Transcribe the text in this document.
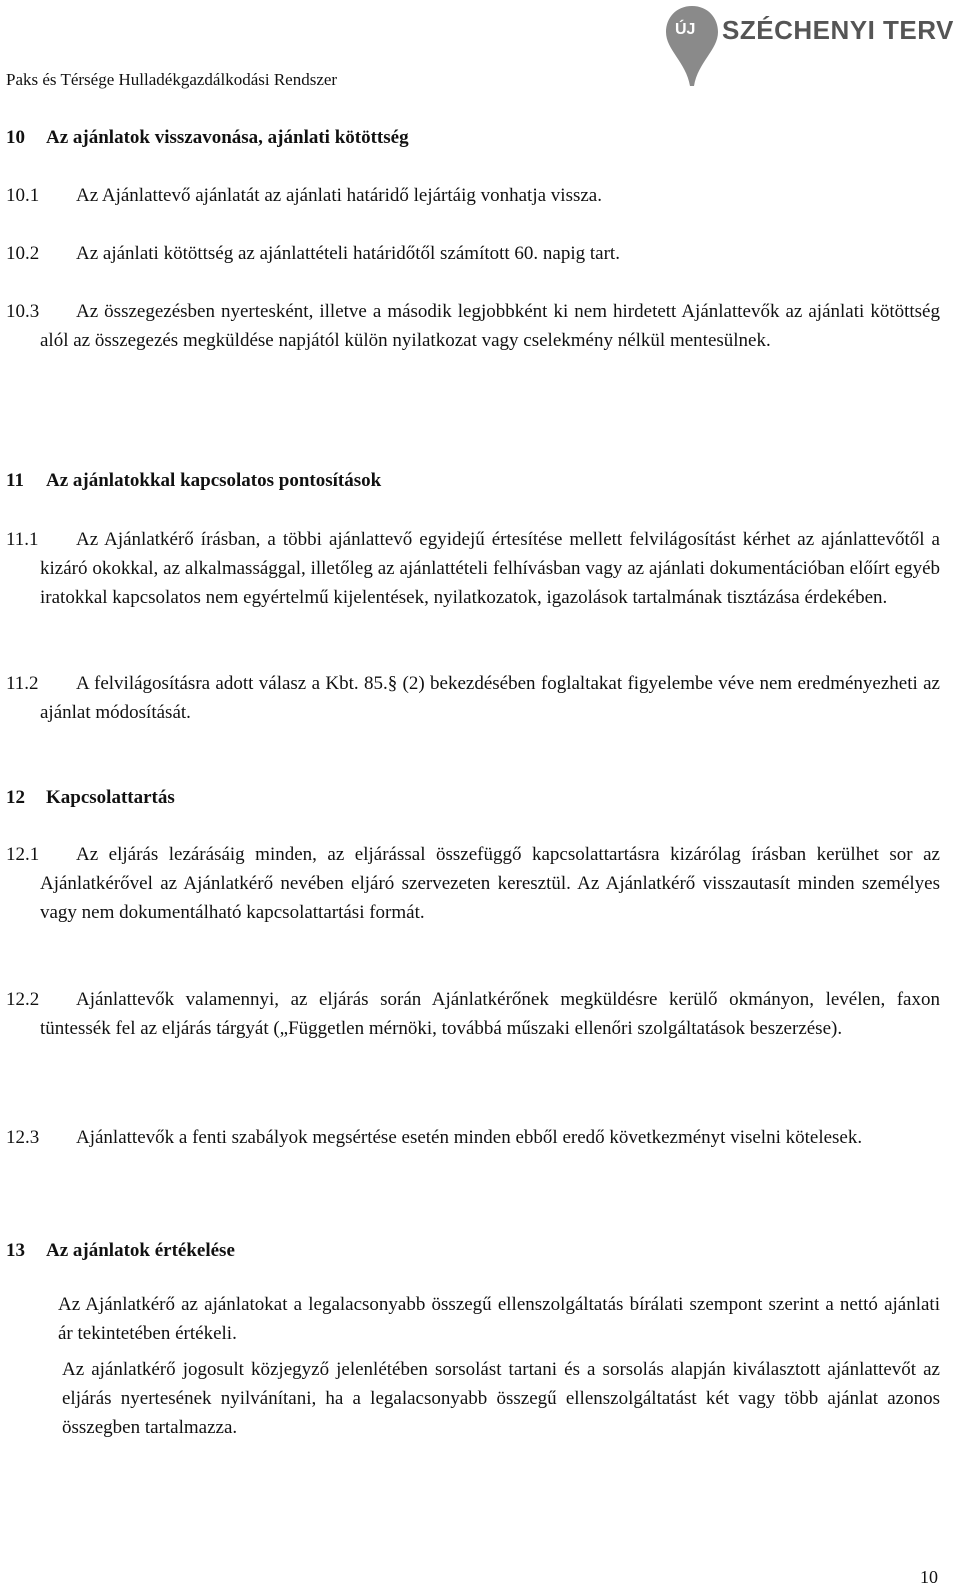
Paks és Térsége Hulladékgazdálkodási Rendszer
ÚJ SZÉCHENYI TERV
10 Az ajánlatok visszavonása, ajánlati kötöttség
10.1 Az Ajánlattevő ajánlatát az ajánlati határidő lejártáig vonhatja vissza.
10.2 Az ajánlati kötöttség az ajánlattételi határidőtől számított 60. napig tart.
10.3	Az összegezésben nyertesként, illetve a második legjobbként ki nem hirdetett Ajánlattevők az ajánlati kötöttség alól az összegezés megküldése napjától külön nyilatkozat vagy cselekmény nélkül mentesülnek.
11 Az ajánlatokkal kapcsolatos pontosítások
11.1	Az Ajánlatkérő írásban, a többi ajánlattevő egyidejű értesítése mellett felvilágosítást kérhet az ajánlattevőtől a kizáró okokkal, az alkalmassággal, illetőleg az ajánlattételi felhívásban vagy az ajánlati dokumentációban előírt egyéb iratokkal kapcsolatos nem egyértelmű kijelentések, nyilatkozatok, igazolások tartalmának tisztázása érdekében.
11.2	A felvilágosításra adott válasz a Kbt. 85.§ (2) bekezdésében foglaltakat figyelembe véve nem eredményezheti az ajánlat módosítását.
12 Kapcsolattartás
12.1	Az eljárás lezárásáig minden, az eljárással összefüggő kapcsolattartásra kizárólag írásban kerülhet sor az Ajánlatkérővel az Ajánlatkérő nevében eljáró szervezeten keresztül. Az Ajánlatkérő visszautasít minden személyes vagy nem dokumentálható kapcsolattartási formát.
12.2	Ajánlattevők valamennyi, az eljárás során Ajánlatkérőnek megküldésre kerülő okmányon, levélen, faxon tüntessék fel az eljárás tárgyát („Független mérnöki, továbbá műszaki ellenőri szolgáltatások beszerzése).
12.3	Ajánlattevők a fenti szabályok megsértése esetén minden ebből eredő következményt viselni kötelesek.
13 Az ajánlatok értékelése
Az Ajánlatkérő az ajánlatokat a legalacsonyabb összegű ellenszolgáltatás bírálati szempont szerint a nettó ajánlati ár tekintetében értékeli.
Az ajánlatkérő jogosult közjegyző jelenlétében sorsolást tartani és a sorsolás alapján kiválasztott ajánlattevőt az eljárás nyertesének nyilvánítani, ha a legalacsonyabb összegű ellenszolgáltatást két vagy több ajánlat azonos összegben tartalmazza.
10
